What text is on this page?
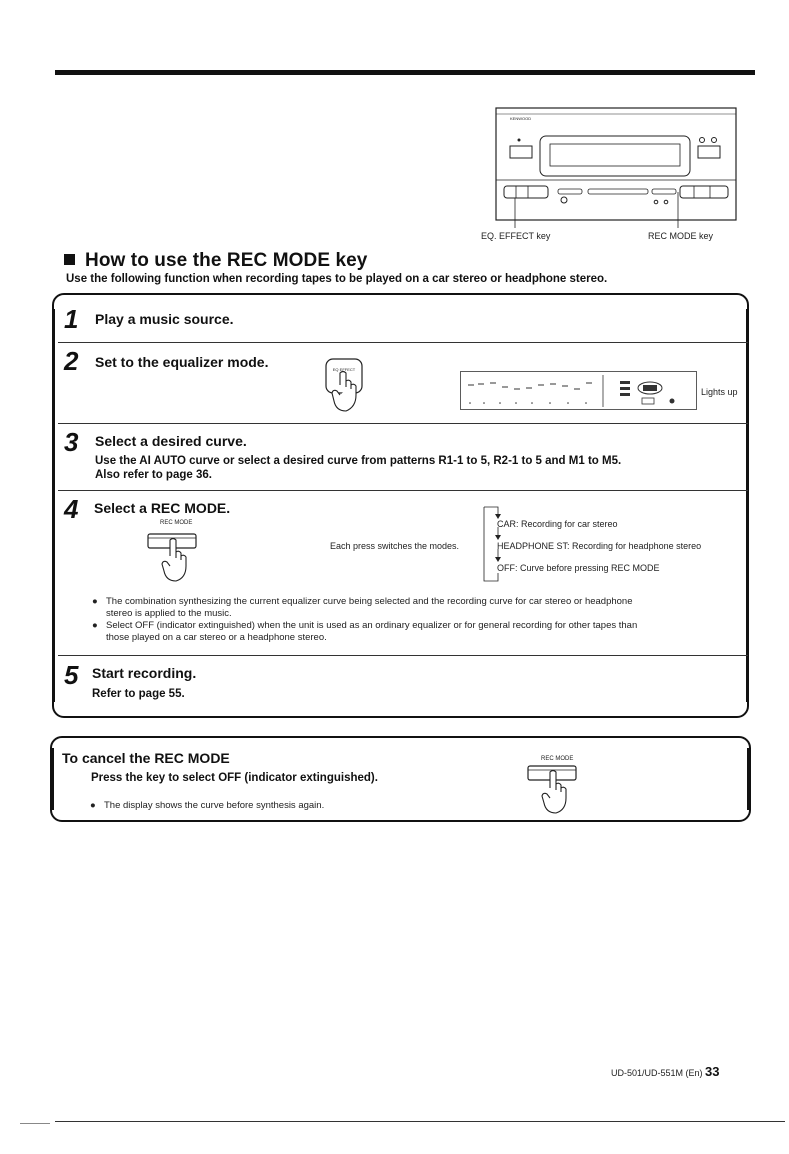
KENWOOD
EQ. EFFECT key	REC MODE key
How to use the REC MODE key
Use the following function when recording tapes to be played on a car stereo or headphone stereo.
1 Play a music source.
2 Set to the equalizer mode.	EQ EFFECT
Lights up
3 Select a desired curve.
Use the AI AUTO curve or select a desired curve from patterns R1-1 to 5, R2-1 to 5 and M1 to M5.
Also refer to page 36.
4 Select a REC MODE.
REC MODE
Each press switches the modes.
CAR: Recording for car stereo
HEADPHONE ST: Recording for headphone stereo
OFF: Curve before pressing REC MODE
● The combination synthesizing the current equalizer curve being selected and the recording curve for car stereo or headphone
stereo is applied to the music.
● Select OFF (indicator extinguished) when the unit is used as an ordinary equalizer or for general recording for other tapes than
those played on a car stereo or a headphone stereo.
5 Start recording.
Refer to page 55.
To cancel the REC MODE
Press the key to select OFF (indicator extinguished).
● The display shows the curve before synthesis again.
REC MODE
UD-501/UD-551M (En) 33
